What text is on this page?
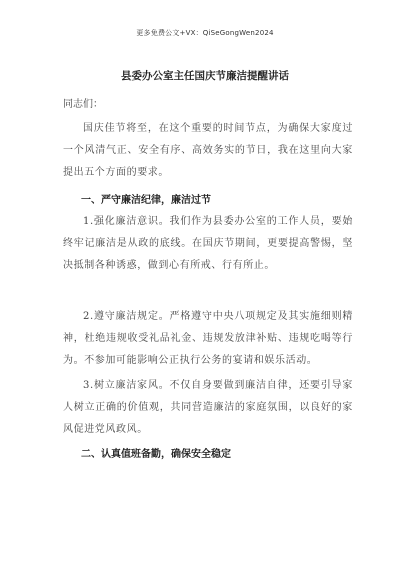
更多免费公文+VX：QiSeGongWen2024
县委办公室主任国庆节廉洁提醒讲话
同志们：
国庆佳节将至，在这个重要的时间节点，为确保大家度过一个风清气正、安全有序、高效务实的节日，我在这里向大家提出五个方面的要求。
一、严守廉洁纪律，廉洁过节
1.强化廉洁意识。我们作为县委办公室的工作人员，要始终牢记廉洁是从政的底线。在国庆节期间，更要提高警惕，坚决抵制各种诱惑，做到心有所戒、行有所止。
2.遵守廉洁规定。严格遵守中央八项规定及其实施细则精神，杜绝违规收受礼品礼金、违规发放津补贴、违规吃喝等行为。不参加可能影响公正执行公务的宴请和娱乐活动。
3.树立廉洁家风。不仅自身要做到廉洁自律，还要引导家人树立正确的价值观，共同营造廉洁的家庭氛围，以良好的家风促进党风政风。
二、认真值班备勤，确保安全稳定
